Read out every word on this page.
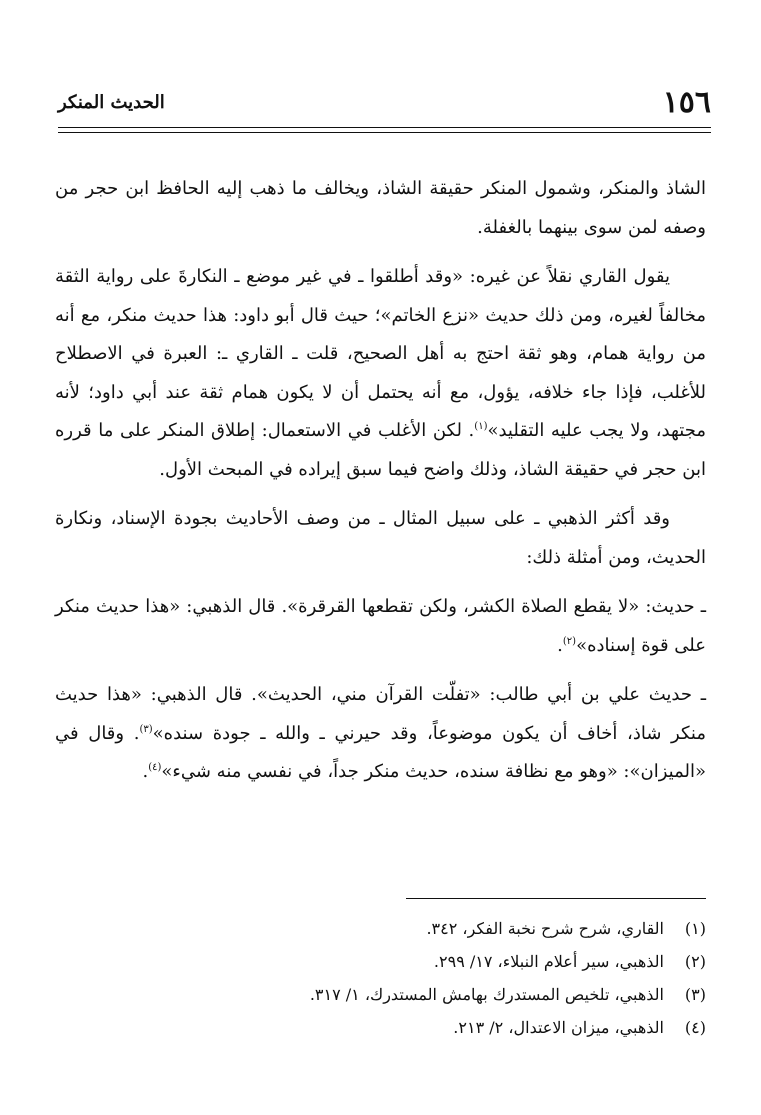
١٥٦
الحديث المنكر

الشاذ والمنكر، وشمول المنكر حقيقة الشاذ، ويخالف ما ذهب إليه الحافظ ابن حجر من وصفه لمن سوى بينهما بالغفلة.

يقول القاري نقلاً عن غيره: «وقد أطلقوا ـ في غير موضع ـ النكارةَ على رواية الثقة مخالفاً لغيره، ومن ذلك حديث «نزع الخاتم»؛ حيث قال أبو داود: هذا حديث منكر، مع أنه من رواية همام، وهو ثقة احتج به أهل الصحيح، قلت ـ القاري ـ: العبرة في الاصطلاح للأغلب، فإذا جاء خلافه، يؤول، مع أنه يحتمل أن لا يكون همام ثقة عند أبي داود؛ لأنه مجتهد، ولا يجب عليه التقليد»$^{(١)}$. لكن الأغلب في الاستعمال: إطلاق المنكر على ما قرره ابن حجر في حقيقة الشاذ، وذلك واضح فيما سبق إيراده في المبحث الأول.

وقد أكثر الذهبي ـ على سبيل المثال ـ من وصف الأحاديث بجودة الإسناد، ونكارة الحديث، ومن أمثلة ذلك:

ـ حديث: «لا يقطع الصلاة الكشر، ولكن تقطعها القرقرة». قال الذهبي: «هذا حديث منكر على قوة إسناده»$^{(٢)}$.

ـ حديث علي بن أبي طالب: «تفلّت القرآن مني، الحديث». قال الذهبي: «هذا حديث منكر شاذ، أخاف أن يكون موضوعاً، وقد حيرني ـ والله ـ جودة سنده»$^{(٣)}$. وقال في «الميزان»: «وهو مع نظافة سنده، حديث منكر جداً، في نفسي منه شيء»$^{(٤)}$.

(١)
القاري، شرح شرح نخبة الفكر، ٣٤٢.
(٢)
الذهبي، سير أعلام النبلاء، ١٧/ ٢٩٩.
(٣)
الذهبي، تلخيص المستدرك بهامش المستدرك، ١/ ٣١٧.
(٤)
الذهبي، ميزان الاعتدال، ٢/ ٢١٣.
